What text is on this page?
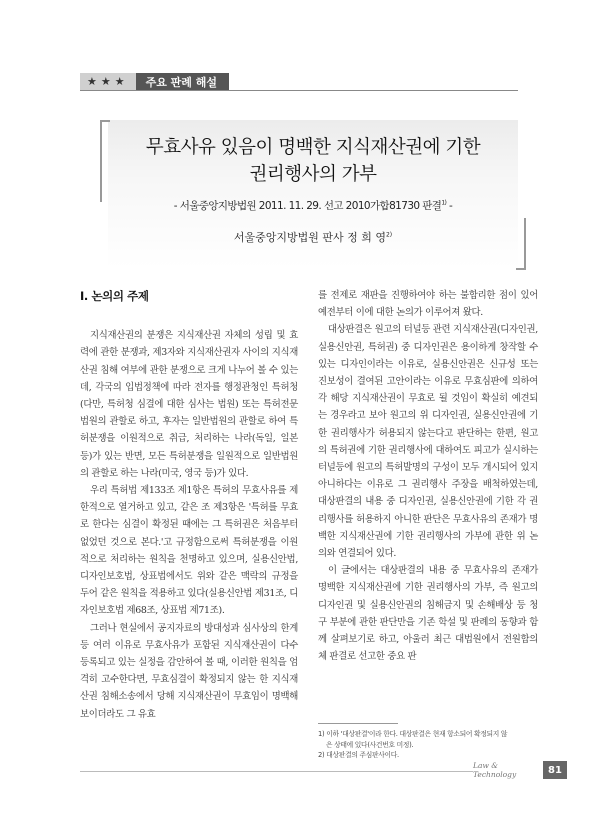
★★★	주요 판례 해설
무효사유 있음이 명백한 지식재산권에 기한
권리행사의 가부
- 서울중앙지방법원 2011. 11. 29. 선고 2010가합81730 판결$^{1)}$ -
서울중앙지방법원 판사 정 희 영$^{2)}$
I. 논의의 주제

지식재산권의 분쟁은 지식재산권 자체의 성립 및 효력에 관한 분쟁과, 제3자와 지식재산권자 사이의 지식재산권 침해 여부에 관한 분쟁으로 크게 나누어 볼 수 있는데, 각국의 입법정책에 따라 전자를 행정관청인 특허청(다만, 특허청 심결에 대한 심사는 법원) 또는 특허전문법원의 관할로 하고, 후자는 일반법원의 관할로 하여 특허분쟁을 이원적으로 취급, 처리하는 나라(독일, 일본 등)가 있는 반면, 모든 특허분쟁을 일원적으로 일반법원의 관할로 하는 나라(미국, 영국 등)가 있다.

우리 특허법 제133조 제1항은 특허의 무효사유를 제한적으로 열거하고 있고, 같은 조 제3항은 '특허를 무효로 한다는 심결이 확정된 때에는 그 특허권은 처음부터 없었던 것으로 본다.'고 규정함으로써 특허분쟁을 이원적으로 처리하는 원칙을 천명하고 있으며, 실용신안법, 디자인보호법, 상표법에서도 위와 같은 맥락의 규정을 두어 같은 원칙을 적용하고 있다(실용신안법 제31조, 디자인보호법 제68조, 상표법 제71조).

그러나 현실에서 공지자료의 방대성과 심사상의 한계 등 여러 이유로 무효사유가 포함된 지식재산권이 다수 등록되고 있는 실정을 감안하여 볼 때, 이러한 원칙을 엄격히 고수한다면, 무효심결이 확정되지 않는 한 지식재산권 침해소송에서 당해 지식재산권이 무효임이 명백해 보이더라도 그 유효

를 전제로 재판을 진행하여야 하는 불합리한 점이 있어 예전부터 이에 대한 논의가 이루어져 왔다.

대상판결은 원고의 터널등 관련 지식재산권(디자인권, 실용신안권, 특허권) 중 디자인권은 용이하게 창작할 수 있는 디자인이라는 이유로, 실용신안권은 신규성 또는 진보성이 결여된 고안이라는 이유로 무효심판에 의하여 각 해당 지식재산권이 무효로 될 것임이 확실히 예견되는 경우라고 보아 원고의 위 디자인권, 실용신안권에 기한 권리행사가 허용되지 않는다고 판단하는 한편, 원고의 특허권에 기한 권리행사에 대하여도 피고가 실시하는 터널등에 원고의 특허발명의 구성이 모두 개시되어 있지 아니하다는 이유로 그 권리행사 주장을 배척하였는데, 대상판결의 내용 중 디자인권, 실용신안권에 기한 각 권리행사를 허용하지 아니한 판단은 무효사유의 존재가 명백한 지식재산권에 기한 권리행사의 가부에 관한 위 논의와 연결되어 있다.

이 글에서는 대상판결의 내용 중 무효사유의 존재가 명백한 지식재산권에 기한 권리행사의 가부, 즉 원고의 디자인권 및 실용신안권의 침해금지 및 손해배상 등 청구 부분에 관한 판단만을 기존 학설 및 판례의 동향과 함께 살펴보기로 하고, 아울러 최근 대법원에서 전원합의체 판결로 선고한 중요 판

1) 이하 '대상판결'이라 한다. 대상판결은 현재 항소되어 확정되지 않
은 상태에 있다(사건번호 미정).

2) 대상판결의 주심판사이다.

Law & Technology	81
